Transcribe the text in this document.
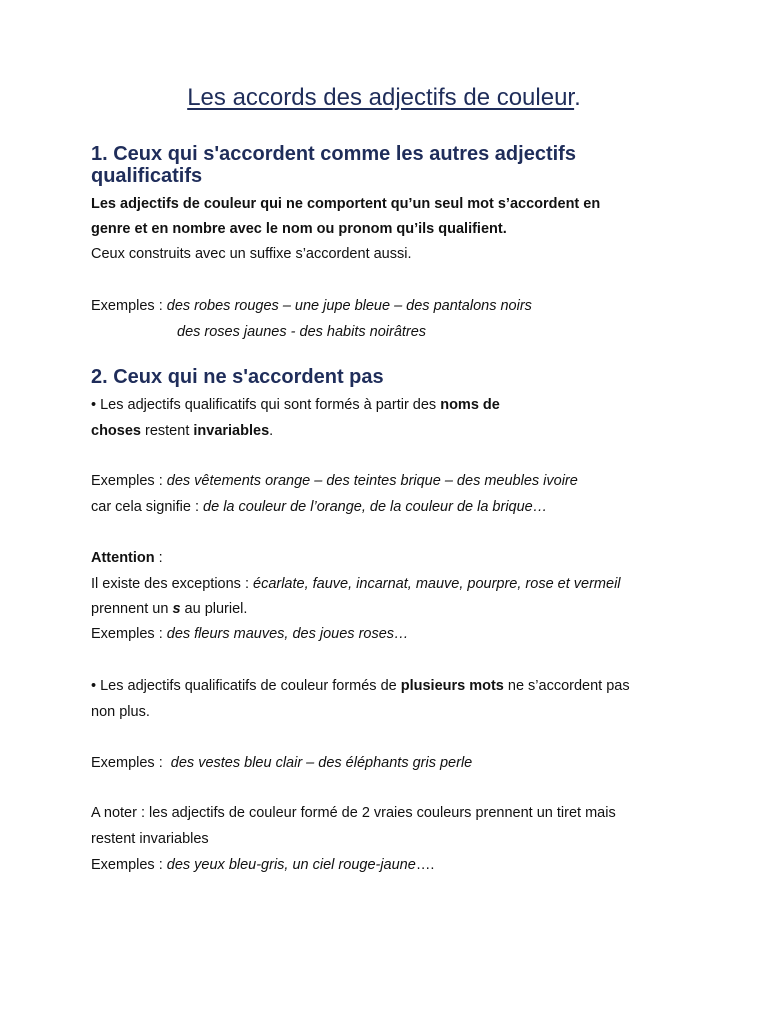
Les accords des adjectifs de couleur.
1. Ceux qui s'accordent comme les autres adjectifs
qualificatifs
Les adjectifs de couleur qui ne comportent qu’un seul mot s’accordent en
genre et en nombre avec le nom ou pronom qu’ils qualifient.
Ceux construits avec un suffixe s’accordent aussi.
Exemples : des robes rouges – une jupe bleue – des pantalons noirs
des roses jaunes - des habits noirâtres
2. Ceux qui ne s'accordent pas
• Les adjectifs qualificatifs qui sont formés à partir des noms de
choses restent invariables.
Exemples : des vêtements orange – des teintes brique – des meubles ivoire
car cela signifie : de la couleur de l’orange, de la couleur de la brique…
Attention :
Il existe des exceptions : écarlate, fauve, incarnat, mauve, pourpre, rose et vermeil
prennent un s au pluriel.
Exemples : des fleurs mauves, des joues roses…
• Les adjectifs qualificatifs de couleur formés de plusieurs mots ne s’accordent pas
non plus.
Exemples :  des vestes bleu clair – des éléphants gris perle
A noter : les adjectifs de couleur formé de 2 vraies couleurs prennent un tiret mais
restent invariables
Exemples : des yeux bleu-gris, un ciel rouge-jaune….
